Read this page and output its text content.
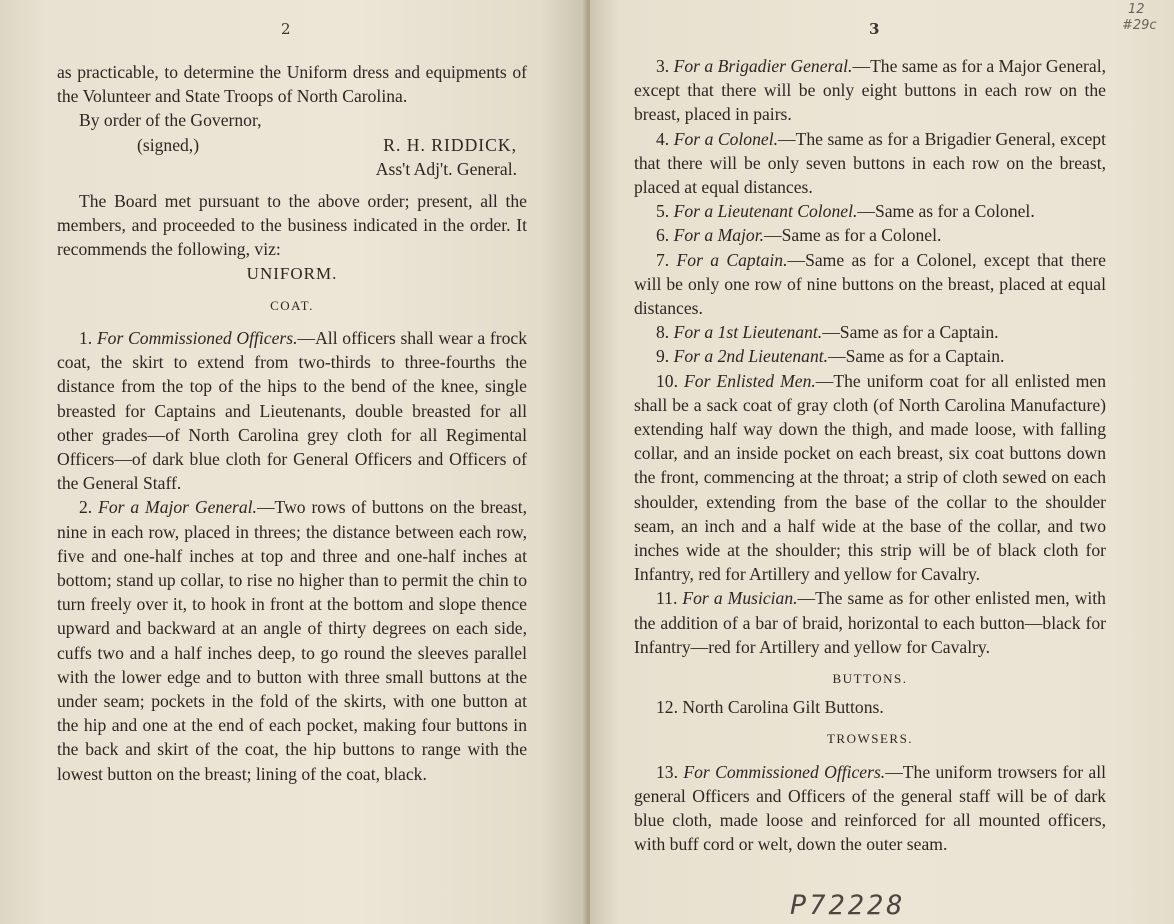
2

as practicable, to determine the Uniform dress and equipments of the Volunteer and State Troops of North Carolina.

By order of the Governor,

(signed,)	R. H. RIDDICK,

Ass't Adj't. General.

The Board met pursuant to the above order; present, all the members, and proceeded to the business indicated in the order. It recommends the following, viz:

UNIFORM.

COAT.

1. For Commissioned Officers.—All officers shall wear a frock coat, the skirt to extend from two-thirds to three-fourths the distance from the top of the hips to the bend of the knee, single breasted for Captains and Lieutenants, double breasted for all other grades—of North Carolina grey cloth for all Regimental Officers—of dark blue cloth for General Officers and Officers of the General Staff.

2. For a Major General.—Two rows of buttons on the breast, nine in each row, placed in threes; the distance between each row, five and one-half inches at top and three and one-half inches at bottom; stand up collar, to rise no higher than to permit the chin to turn freely over it, to hook in front at the bottom and slope thence upward and backward at an angle of thirty degrees on each side, cuffs two and a half inches deep, to go round the sleeves parallel with the lower edge and to button with three small buttons at the under seam; pockets in the fold of the skirts, with one button at the hip and one at the end of each pocket, making four buttons in the back and skirt of the coat, the hip buttons to range with the lowest button on the breast; lining of the coat, black.

3
12
#29c

3. For a Brigadier General.—The same as for a Major General, except that there will be only eight buttons in each row on the breast, placed in pairs.

4. For a Colonel.—The same as for a Brigadier General, except that there will be only seven buttons in each row on the breast, placed at equal distances.

5. For a Lieutenant Colonel.—Same as for a Colonel.

6. For a Major.—Same as for a Colonel.

7. For a Captain.—Same as for a Colonel, except that there will be only one row of nine buttons on the breast, placed at equal distances.

8. For a 1st Lieutenant.—Same as for a Captain.

9. For a 2nd Lieutenant.—Same as for a Captain.

10. For Enlisted Men.—The uniform coat for all enlisted men shall be a sack coat of gray cloth (of North Carolina Manufacture) extending half way down the thigh, and made loose, with falling collar, and an inside pocket on each breast, six coat buttons down the front, commencing at the throat; a strip of cloth sewed on each shoulder, extending from the base of the collar to the shoulder seam, an inch and a half wide at the base of the collar, and two inches wide at the shoulder; this strip will be of black cloth for Infantry, red for Artillery and yellow for Cavalry.

11. For a Musician.—The same as for other enlisted men, with the addition of a bar of braid, horizontal to each button—black for Infantry—red for Artillery and yellow for Cavalry.

BUTTONS.

12. North Carolina Gilt Buttons.

TROWSERS.

13. For Commissioned Officers.—The uniform trowsers for all general Officers and Officers of the general staff will be of dark blue cloth, made loose and reinforced for all mounted officers, with buff cord or welt, down the outer seam.

P72228
